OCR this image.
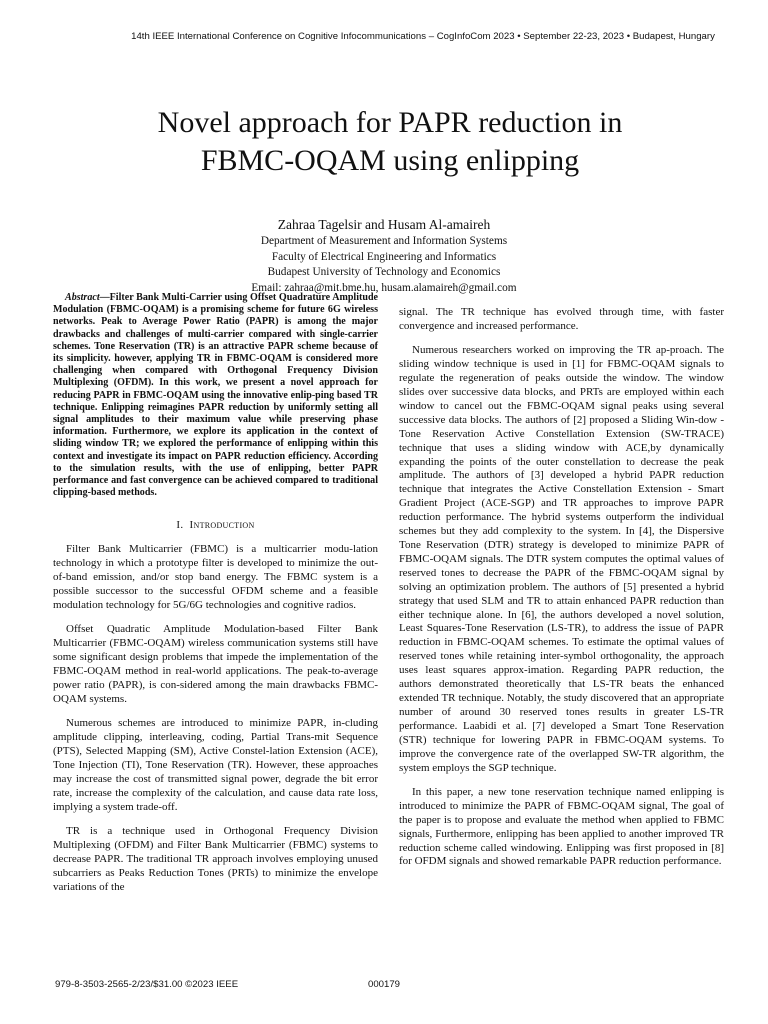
14th IEEE International Conference on Cognitive Infocommunications – CogInfoCom 2023 • September 22-23, 2023 • Budapest, Hungary
Novel approach for PAPR reduction in
FBMC-OQAM using enlipping
Zahraa Tagelsir and Husam Al-amaireh
Department of Measurement and Information Systems
Faculty of Electrical Engineering and Informatics
Budapest University of Technology and Economics
Email: zahraa@mit.bme.hu, husam.alamaireh@gmail.com

Abstract—Filter Bank Multi-Carrier using Offset Quadrature Amplitude Modulation (FBMC-OQAM) is a promising scheme for future 6G wireless networks. Peak to Average Power Ratio (PAPR) is among the major drawbacks and challenges of multi-carrier compared with single-carrier schemes. Tone Reservation (TR) is an attractive PAPR scheme because of its simplicity. however, applying TR in FBMC-OQAM is considered more challenging when compared with Orthogonal Frequency Division Multiplexing (OFDM). In this work, we present a novel approach for reducing PAPR in FBMC-OQAM using the innovative enlip-ping based TR technique. Enlipping reimagines PAPR reduction by uniformly setting all signal amplitudes to their maximum value while preserving phase information. Furthermore, we explore its application in the context of sliding window TR; we explored the performance of enlipping within this context and investigate its impact on PAPR reduction efficiency. According to the simulation results, with the use of enlipping, better PAPR performance and fast convergence can be achieved compared to traditional clipping-based methods.

I. Introduction

Filter Bank Multicarrier (FBMC) is a multicarrier modu-lation technology in which a prototype filter is developed to minimize the out-of-band emission, and/or stop band energy. The FBMC system is a possible successor to the successful OFDM scheme and a feasible modulation technology for 5G/6G technologies and cognitive radios.

Offset Quadratic Amplitude Modulation-based Filter Bank Multicarrier (FBMC-OQAM) wireless communication systems still have some significant design problems that impede the implementation of the FBMC-OQAM method in real-world applications. The peak-to-average power ratio (PAPR), is con-sidered among the main drawbacks FBMC-OQAM systems.

Numerous schemes are introduced to minimize PAPR, in-cluding amplitude clipping, interleaving, coding, Partial Trans-mit Sequence (PTS), Selected Mapping (SM), Active Constel-lation Extension (ACE), Tone Injection (TI), Tone Reservation (TR). However, these approaches may increase the cost of transmitted signal power, degrade the bit error rate, increase the complexity of the calculation, and cause data rate loss, implying a system trade-off.

TR is a technique used in Orthogonal Frequency Division Multiplexing (OFDM) and Filter Bank Multicarrier (FBMC) systems to decrease PAPR. The traditional TR approach involves employing unused subcarriers as Peaks Reduction Tones (PRTs) to minimize the envelope variations of the

signal. The TR technique has evolved through time, with faster convergence and increased performance.

Numerous researchers worked on improving the TR ap-proach. The sliding window technique is used in [1] for FBMC-OQAM signals to regulate the regeneration of peaks outside the window. The window slides over successive data blocks, and PRTs are employed within each window to cancel out the FBMC-OQAM signal peaks using several successive data blocks. The authors of [2] proposed a Sliding Win-dow - Tone Reservation Active Constellation Extension (SW-TRACE) technique that uses a sliding window with ACE,by dynamically expanding the points of the outer constellation to decrease the peak amplitude. The authors of [3] developed a hybrid PAPR reduction technique that integrates the Active Constellation Extension - Smart Gradient Project (ACE-SGP) and TR approaches to improve PAPR reduction performance. The hybrid systems outperform the individual schemes but they add complexity to the system. In [4], the Dispersive Tone Reservation (DTR) strategy is developed to minimize PAPR of FBMC-OQAM signals. The DTR system computes the optimal values of reserved tones to decrease the PAPR of the FBMC-OQAM signal by solving an optimization problem. The authors of [5] presented a hybrid strategy that used SLM and TR to attain enhanced PAPR reduction than either technique alone. In [6], the authors developed a novel solution, Least Squares-Tone Reservation (LS-TR), to address the issue of PAPR reduction in FBMC-OQAM schemes. To estimate the optimal values of reserved tones while retaining inter-symbol orthogonality, the approach uses least squares approx-imation. Regarding PAPR reduction, the authors demonstrated theoretically that LS-TR beats the enhanced extended TR technique. Notably, the study discovered that an appropriate number of around 30 reserved tones results in greater LS-TR performance. Laabidi et al. [7] developed a Smart Tone Reservation (STR) technique for lowering PAPR in FBMC-OQAM systems. To improve the convergence rate of the overlapped SW-TR algorithm, the system employs the SGP technique.

In this paper, a new tone reservation technique named enlipping is introduced to minimize the PAPR of FBMC-OQAM signal, The goal of the paper is to propose and evaluate the method when applied to FBMC signals, Furthermore, enlipping has been applied to another improved TR reduction scheme called windowing. Enlipping was first proposed in [8] for OFDM signals and showed remarkable PAPR reduction performance.

979-8-3503-2565-2/23/$31.00 ©2023 IEEE	000179
